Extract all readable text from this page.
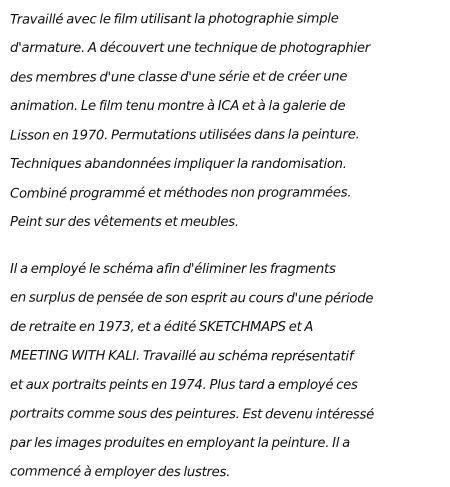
Travaillé avec le film utilisant la photographie simple
d'armature. A découvert une technique de photographier
des membres d'une classe d'une série et de créer une
animation. Le film tenu montre à ICA et à la galerie de
Lisson en 1970. Permutations utilisées dans la peinture.
Techniques abandonnées impliquer la randomisation.
Combiné programmé et méthodes non programmées.
Peint sur des vêtements et meubles.
Il a employé le schéma afin d'éliminer les fragments
en surplus de pensée de son esprit au cours d'une période
de retraite en 1973, et a édité SKETCHMAPS et A
MEETING WITH KALI. Travaillé au schéma représentatif
et aux portraits peints en 1974. Plus tard a employé ces
portraits comme sous des peintures. Est devenu intéressé
par les images produites en employant la peinture. Il a
commencé à employer des lustres.
